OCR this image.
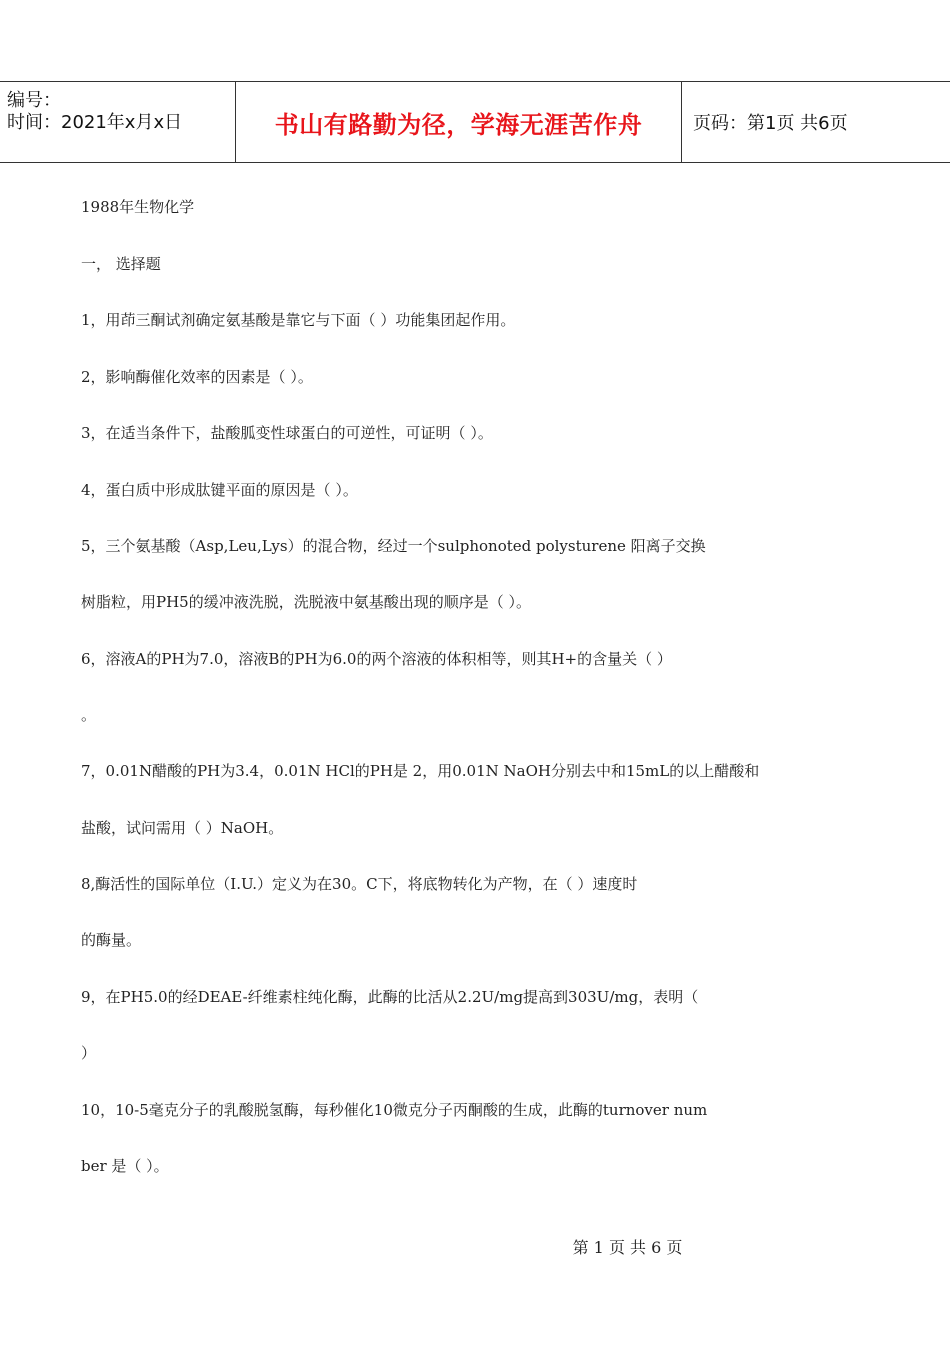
编号：
时间：2021年x月x日	书山有路勤为径，学海无涯苦作舟	页码：第1页 共6页
1988年生物化学
一， 选择题
1，用茚三酮试剂确定氨基酸是靠它与下面（ ）功能集团起作用。
2，影响酶催化效率的因素是（ ）。
3，在适当条件下，盐酸胍变性球蛋白的可逆性，可证明（ ）。
4，蛋白质中形成肽键平面的原因是（ ）。
5，三个氨基酸（Asp,Leu,Lys）的混合物，经过一个sulphonoted polysturene 阳离子交换
树脂粒，用PH5的缓冲液洗脱，洗脱液中氨基酸出现的顺序是（ ）。
6，溶液A的PH为7.0，溶液B的PH为6.0的两个溶液的体积相等，则其H+的含量关（ ）
。
7，0.01N醋酸的PH为3.4，0.01N HCl的PH是 2，用0.01N NaOH分别去中和15mL的以上醋酸和
盐酸，试问需用（ ）NaOH。
8,酶活性的国际单位（I.U.）定义为在30。C下，将底物转化为产物，在（ ）速度时
的酶量。
9，在PH5.0的经DEAE-纤维素柱纯化酶，此酶的比活从2.2U/mg提高到303U/mg，表明（
）
10，10-5毫克分子的乳酸脱氢酶，每秒催化10微克分子丙酮酸的生成，此酶的turnover num
ber 是（ ）。
第 1 页 共 6 页
